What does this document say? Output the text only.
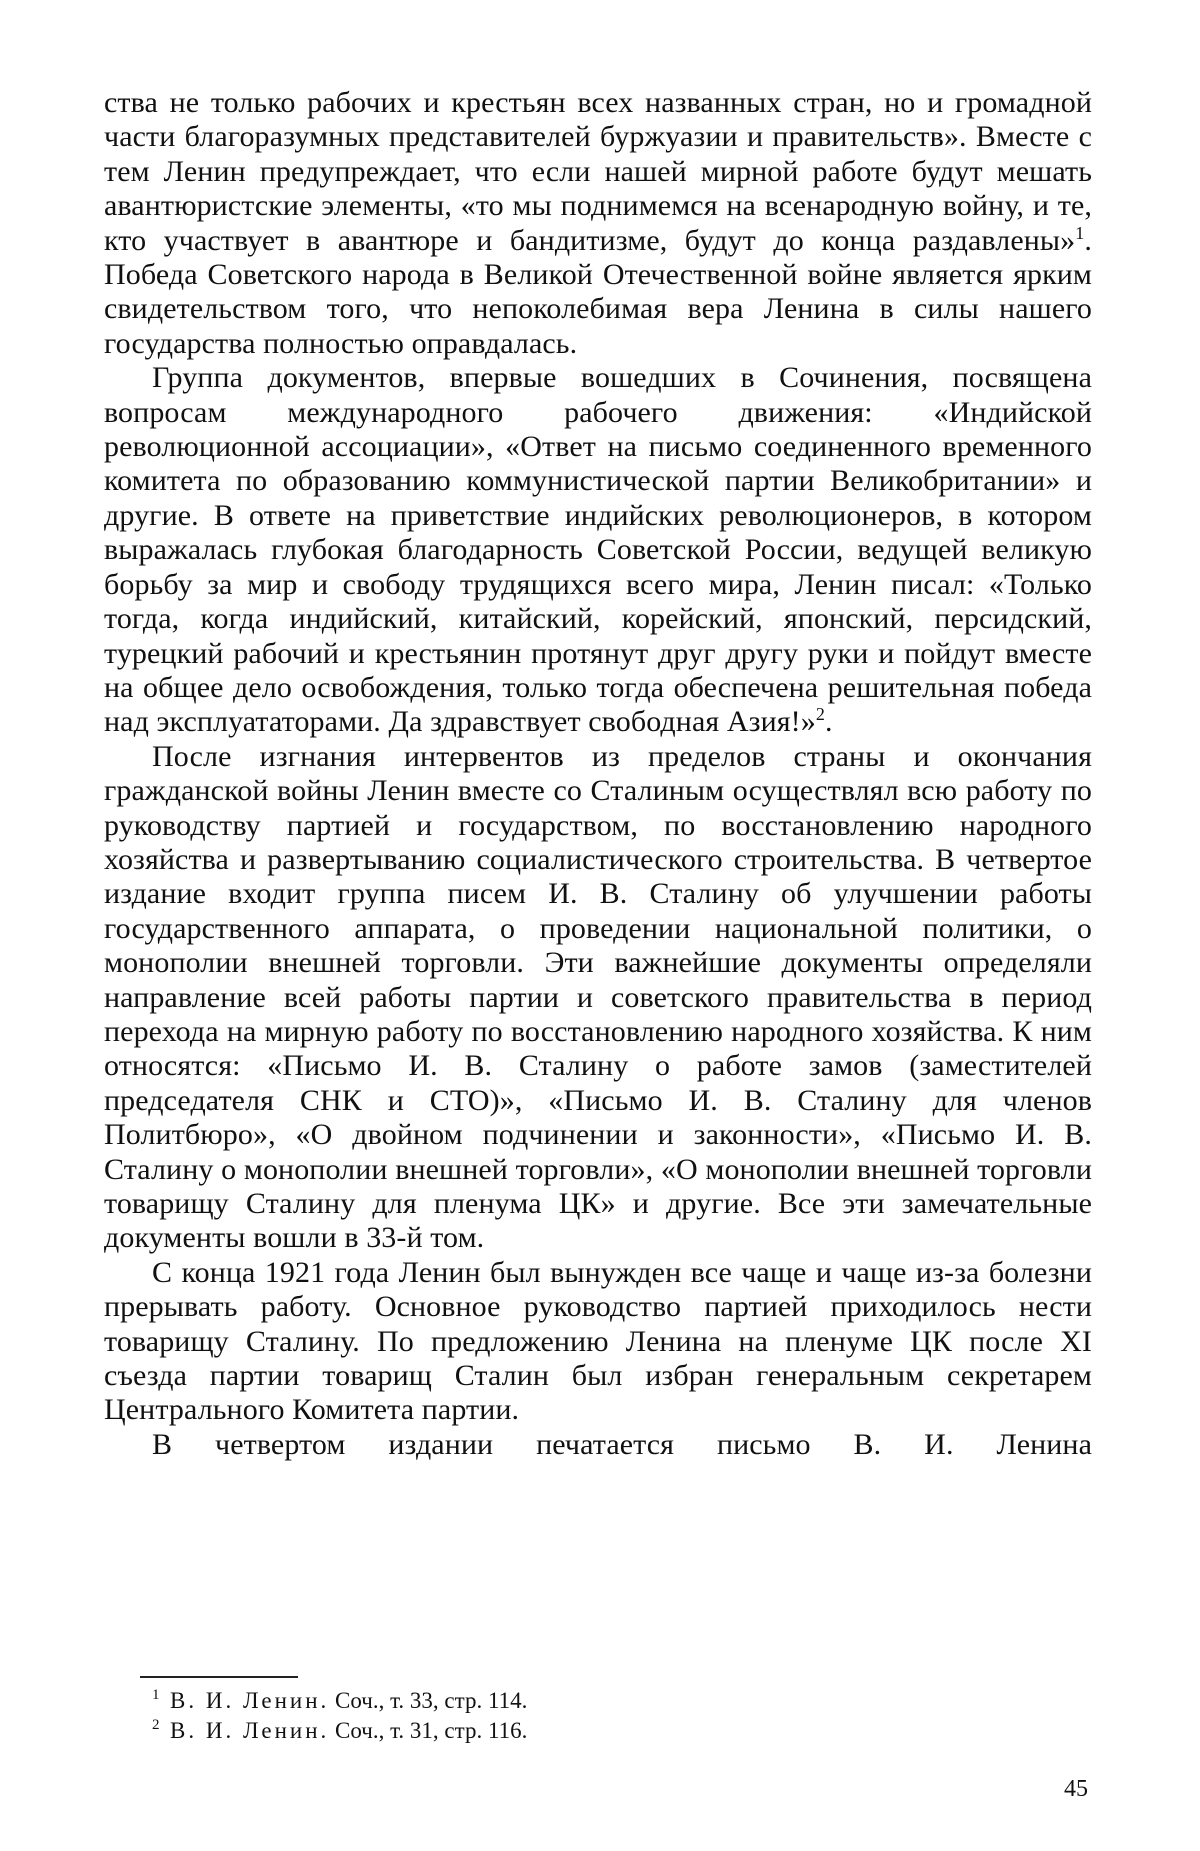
ства не только рабочих и крестьян всех названных стран, но и громадной части благоразумных представителей буржуазии и правительств». Вместе с тем Ленин предупреждает, что если нашей мирной работе будут мешать авантюристские элементы, «то мы поднимемся на всенародную войну, и те, кто участвует в авантюре и бандитизме, будут до конца раздавлены»$^1$. Победа Советского народа в Великой Отечественной войне является ярким свидетельством того, что непоколебимая вера Ленина в силы нашего государства полностью оправдалась.

Группа документов, впервые вошедших в Сочинения, посвящена вопросам международного рабочего движения: «Индийской революционной ассоциации», «Ответ на письмо соединенного временного комитета по образованию коммунистической партии Великобритании» и другие. В ответе на приветствие индийских революционеров, в котором выражалась глубокая благодарность Советской России, ведущей великую борьбу за мир и свободу трудящихся всего мира, Ленин писал: «Только тогда, когда индийский, китайский, корейский, японский, персидский, турецкий рабочий и крестьянин протянут друг другу руки и пойдут вместе на общее дело освобождения, только тогда обеспечена решительная победа над эксплуататорами. Да здравствует свободная Азия!»$^2$.

После изгнания интервентов из пределов страны и окончания гражданской войны Ленин вместе со Сталиным осуществлял всю работу по руководству партией и государством, по восстановлению народного хозяйства и развертыванию социалистического строительства. В четвертое издание входит группа писем И. В. Сталину об улучшении работы государственного аппарата, о проведении национальной политики, о монополии внешней торговли. Эти важнейшие документы определяли направление всей работы партии и советского правительства в период перехода на мирную работу по восстановлению народного хозяйства. К ним относятся: «Письмо И. В. Сталину о работе замов (заместителей председателя СНК и СТО)», «Письмо И. В. Сталину для членов Политбюро», «О двойном подчинении и законности», «Письмо И. В. Сталину о монополии внешней торговли», «О монополии внешней торговли товарищу Сталину для пленума ЦК» и другие. Все эти замечательные документы вошли в 33-й том.

С конца 1921 года Ленин был вынужден все чаще и чаще из-за болезни прерывать работу. Основное руководство партией приходилось нести товарищу Сталину. По предложению Ленина на пленуме ЦК после XI съезда партии товарищ Сталин был избран генеральным секретарем Центрального Комитета партии.

В четвертом издании печатается письмо В. И. Ленина

1 В. И. Ленин. Соч., т. 33, стр. 114.

2 В. И. Ленин. Соч., т. 31, стр. 116.

45
